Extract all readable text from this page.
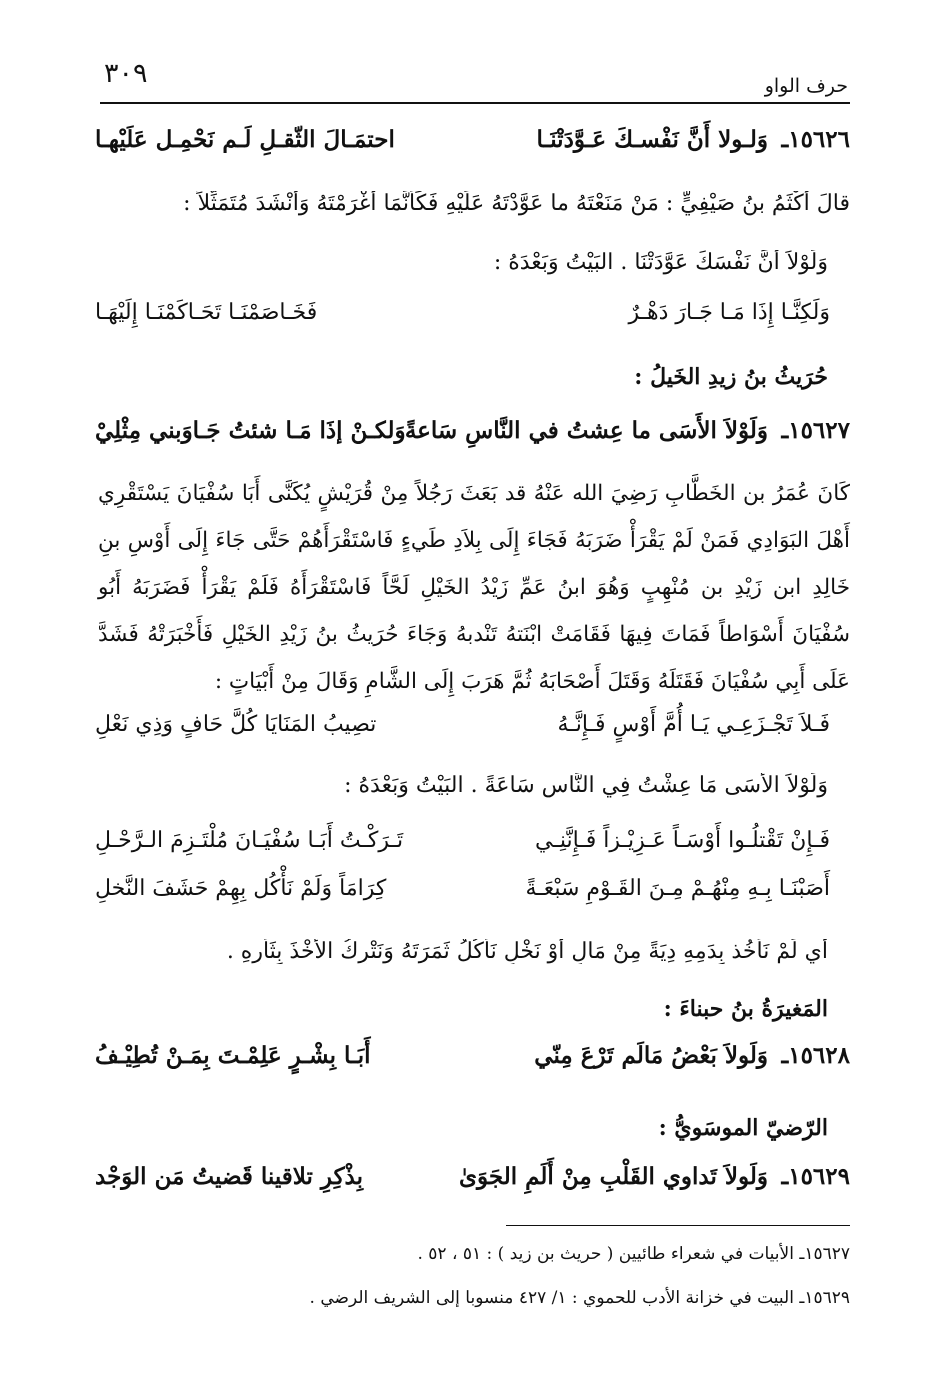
٣٠٩	حرف الواو
١٥٦٢٦ـ
وَلـولا أَنَّ نَفْسـكَ عَـوَّدَتْنَـا
احتمَـالَ الثّقـلِ لَـم نَحْمِـل عَلَيْهـا
قالَ أَكْثَمُ بنُ صَيْفِيٍّ : مَنْ مَنَعْتَهُ ما عَوَّدْتَهُ عَلَيْهِ فَكَأَنَّمَا أَغْرَمْتَهُ وَأَنْشَدَ مُتَمَثِّلاً :
وَلَوْلاَ أَنَّ نَفْسَكَ عَوَّدَتْنَا . البَيْتُ وَبَعْدَهُ :
وَلَكِنَّـا إِذَا مَـا جَـارَ دَهْـرٌ
فَخَـاصَمْنَـا تَحَـاكَمْنَـا إِلَيْهَـا
حُرَيثُ بنُ زيدِ الخَيلُ :
١٥٦٢٧ـ
وَلَوْلاَ الأَسَى ما عِشتُ في النَّاسِ سَاعةً
وَلكـنْ إذَا مَـا شئتُ جَـاوَبني مِثْلِيْ
كَانَ عُمَرُ بن الخَطَّابِ رَضِيَ الله عَنْهُ قد بَعَثَ رَجُلاً مِنْ قُرَيْشٍ يُكَنَّى أَبَا سُفْيَانَ يَسْتَقْرِي أَهْلَ البَوَادِي فَمَنْ لَمْ يَقْرَأْ ضَرَبَهُ فَجَاءَ إِلَى بِلاَدِ طَيءٍ فَاسْتَقْرَأَهُمْ حَتَّى جَاءَ إِلَى أَوْسِ بنِ خَالِدِ ابن زَيْدِ بن مُنْهِبٍ وَهُوَ ابنُ عَمِّ زَيْدُ الخَيْلِ لَحَّاً فَاسْتَقْرَأَهُ فَلَمْ يَقْرَأْ فَضَرَبَهُ أَبُو سُفْيَانَ أَسْوَاطاً فَمَاتَ فِيهَا فَقَامَتْ ابْنَتهُ تَنْدبهُ وَجَاءَ حُرَيثُ بنُ زَيْدِ الخَيْلِ فَأَخْبَرَتْهُ فَشَدَّ عَلَى أَبِي سُفْيَانَ فَقَتَلَهُ وَقَتَلَ أَصْحَابَهُ ثُمَّ هَرَبَ إِلَى الشَّامِ وَقَالَ مِنْ أَبْيَاتٍ :
فَـلاَ تَجْـزَعِـي يَـا أُمَّ أَوْسٍ فَـإِنَّـهُ
تصِيبُ المَنَايَا كُلَّ حَافٍ وَذِي نَعْلِ
وَلَوْلاَ الأَسَى مَا عِشْتُ فِي النَّاسِ سَاعَةً . البَيْتُ وَبَعْدَهُ :
فَـإِنْ تَقْتلُـوا أَوْسَـاً عَـزِيْـزاً فَـإِنَّنِـي
تَـرَكْـتُ أَبَـا سُفْيَـانَ مُلْتَـزِمَ الـرَّحْـلِ
أَصَبْنَـا بِـهِ مِنْهُـمْ مِـنَ القَـوْمِ سَبْعَـةً
كِرَامَاً وَلَمْ نَأْكُل بِهِمْ حَشَفَ النَّخلِ
أي لَمْ نَأْخُذ بِدَمِهِ دِيَةً مِنْ مَالٍ أَوْ نَخْلٍ نَأْكُلُ ثَمَرَتَهُ وَنَتْرِكُ الأَخْذَ بِثَأْرِهِ .
المَغيرَةُ بنُ حبناءَ :
١٥٦٢٨ـ
وَلَولاَ بَعْضُ مَالَم تَرْعَ مِنّي
أَبَـا بِشْـرٍ عَلِمْـتَ بِمَـنْ تُطِيْـفُ
الرّضيّ الموسَويُّ :
١٥٦٢٩ـ
وَلَولاَ تَداوي القَلْبِ مِنْ أَلَمِ الجَوَىٰ
بِذْكِرِ تلاقينا قَضيتُ مَن الوَجْد
١٥٦٢٧ـ الأبيات في شعراء طائيين ( حريث بن زيد ) : ٥١ ، ٥٢ .
١٥٦٢٩ـ البيت في خزانة الأدب للحموي : ١/ ٤٢٧ منسوبا إلى الشريف الرضي .
